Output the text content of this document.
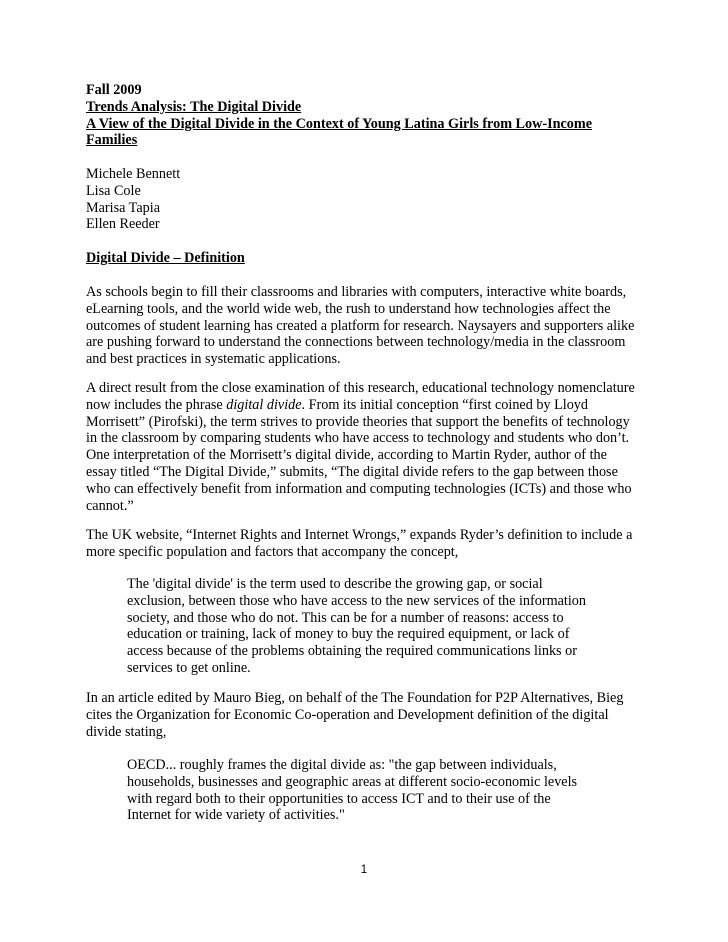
Fall 2009
Trends Analysis: The Digital Divide
A View of the Digital Divide in the Context of Young Latina Girls from Low-Income
Families
Michele Bennett
Lisa Cole
Marisa Tapia
Ellen Reeder
Digital Divide – Definition
As schools begin to fill their classrooms and libraries with computers, interactive white boards,
eLearning tools, and the world wide web, the rush to understand how technologies affect the
outcomes of student learning has created a platform for research. Naysayers and supporters alike
are pushing forward to understand the connections between technology/media in the classroom
and best practices in systematic applications.
A direct result from the close examination of this research, educational technology nomenclature
now includes the phrase digital divide. From its initial conception “first coined by Lloyd
Morrisett” (Pirofski), the term strives to provide theories that support the benefits of technology
in the classroom by comparing students who have access to technology and students who don’t.
One interpretation of the Morrisett’s digital divide, according to Martin Ryder, author of the
essay titled “The Digital Divide,” submits, “The digital divide refers to the gap between those
who can effectively benefit from information and computing technologies (ICTs) and those who
cannot.”
The UK website, “Internet Rights and Internet Wrongs,” expands Ryder’s definition to include a
more specific population and factors that accompany the concept,
The 'digital divide' is the term used to describe the growing gap, or social
exclusion, between those who have access to the new services of the information
society, and those who do not. This can be for a number of reasons: access to
education or training, lack of money to buy the required equipment, or lack of
access because of the problems obtaining the required communications links or
services to get online.
In an article edited by Mauro Bieg, on behalf of the The Foundation for P2P Alternatives, Bieg
cites the Organization for Economic Co-operation and Development definition of the digital
divide stating,
OECD... roughly frames the digital divide as: "the gap between individuals,
households, businesses and geographic areas at different socio-economic levels
with regard both to their opportunities to access ICT and to their use of the
Internet for wide variety of activities."
1
